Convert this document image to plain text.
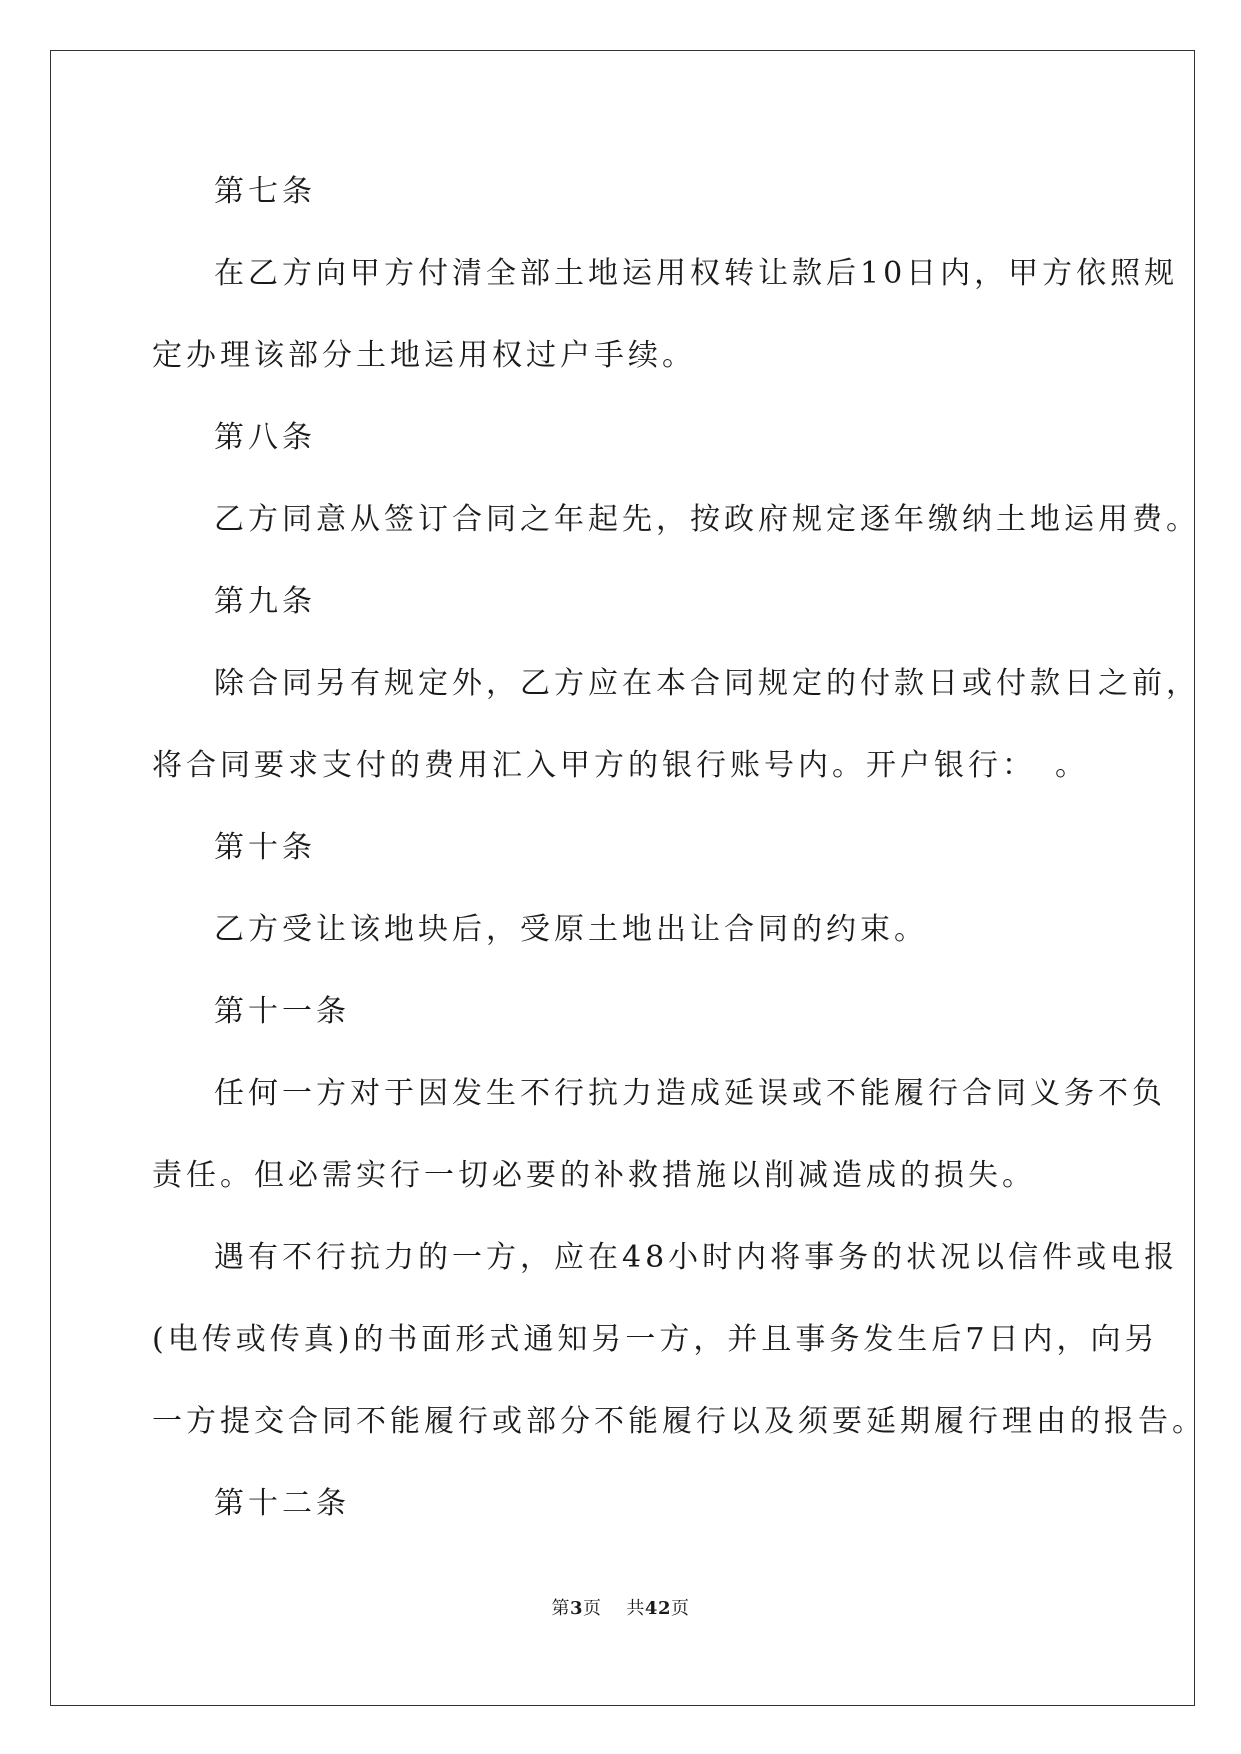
第七条
在乙方向甲方付清全部土地运用权转让款后10日内，甲方依照规
定办理该部分土地运用权过户手续。
第八条
乙方同意从签订合同之年起先，按政府规定逐年缴纳土地运用费。
第九条
除合同另有规定外，乙方应在本合同规定的付款日或付款日之前，
将合同要求支付的费用汇入甲方的银行账号内。开户银行：　。
第十条
乙方受让该地块后，受原土地出让合同的约束。
第十一条
任何一方对于因发生不行抗力造成延误或不能履行合同义务不负
责任。但必需实行一切必要的补救措施以削减造成的损失。
遇有不行抗力的一方，应在48小时内将事务的状况以信件或电报
(电传或传真)的书面形式通知另一方，并且事务发生后7日内，向另
一方提交合同不能履行或部分不能履行以及须要延期履行理由的报告。
第十二条
第3页 共42页
